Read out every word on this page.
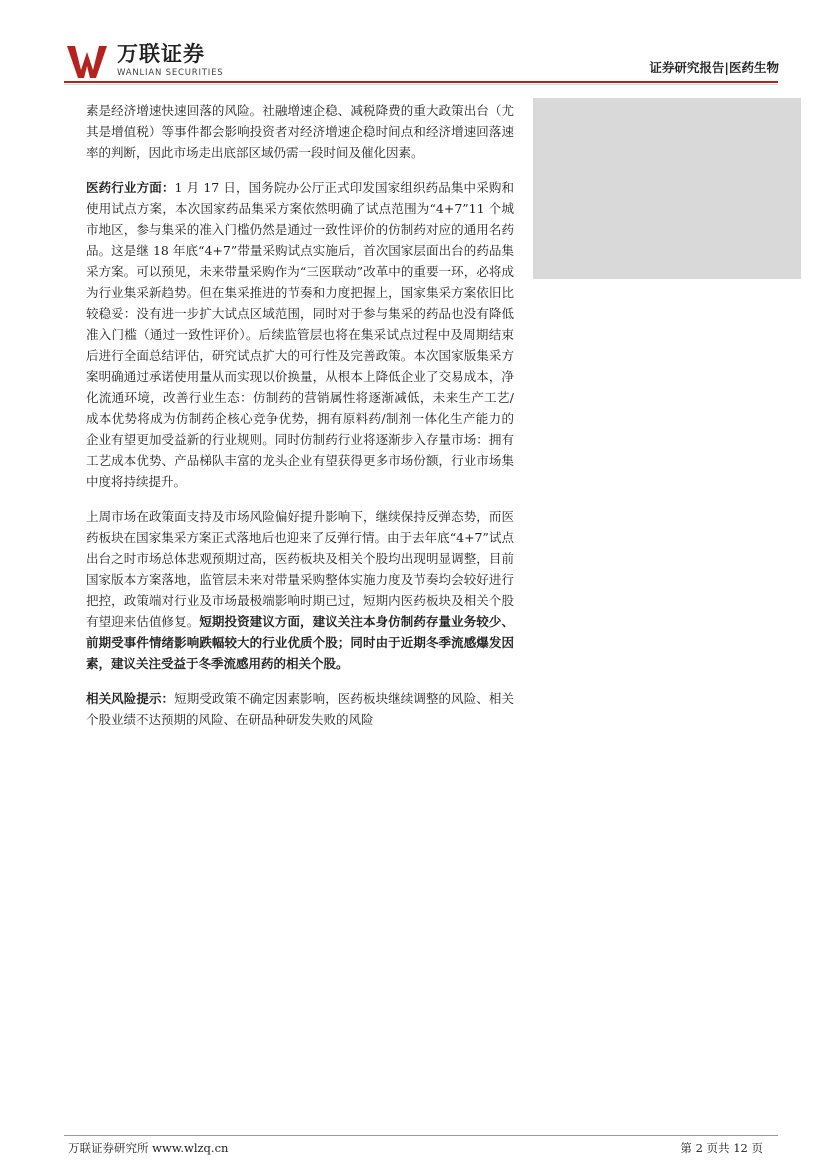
万联证券
WANLIAN SECURITIES	证券研究报告|医药生物

素是经济增速快速回落的风险。社融增速企稳、减税降费的重大政策出台（尤其是增值税）等事件都会影响投资者对经济增速企稳时间点和经济增速回落速率的判断，因此市场走出底部区域仍需一段时间及催化因素。

医药行业方面：1 月 17 日，国务院办公厅正式印发国家组织药品集中采购和使用试点方案，本次国家药品集采方案依然明确了试点范围为“4+7”11 个城市地区，参与集采的准入门槛仍然是通过一致性评价的仿制药对应的通用名药品。这是继 18 年底“4+7”带量采购试点实施后，首次国家层面出台的药品集采方案。可以预见，未来带量采购作为“三医联动”改革中的重要一环，必将成为行业集采新趋势。但在集采推进的节奏和力度把握上，国家集采方案依旧比较稳妥：没有进一步扩大试点区域范围，同时对于参与集采的药品也没有降低准入门槛（通过一致性评价）。后续监管层也将在集采试点过程中及周期结束后进行全面总结评估，研究试点扩大的可行性及完善政策。本次国家版集采方案明确通过承诺使用量从而实现以价换量，从根本上降低企业了交易成本，净化流通环境，改善行业生态：仿制药的营销属性将逐渐减低，未来生产工艺/成本优势将成为仿制药企核心竞争优势，拥有原料药/制剂一体化生产能力的企业有望更加受益新的行业规则。同时仿制药行业将逐渐步入存量市场：拥有工艺成本优势、产品梯队丰富的龙头企业有望获得更多市场份额，行业市场集中度将持续提升。

上周市场在政策面支持及市场风险偏好提升影响下，继续保持反弹态势，而医药板块在国家集采方案正式落地后也迎来了反弹行情。由于去年底“4+7”试点出台之时市场总体悲观预期过高，医药板块及相关个股均出现明显调整，目前国家版本方案落地，监管层未来对带量采购整体实施力度及节奏均会较好进行把控，政策端对行业及市场最极端影响时期已过，短期内医药板块及相关个股有望迎来估值修复。短期投资建议方面，建议关注本身仿制药存量业务较少、前期受事件情绪影响跌幅较大的行业优质个股；同时由于近期冬季流感爆发因素，建议关注受益于冬季流感用药的相关个股。

相关风险提示：短期受政策不确定因素影响，医药板块继续调整的风险、相关个股业绩不达预期的风险、在研品种研发失败的风险

万联证券研究所 www.wlzq.cn	第 2 页共 12 页
